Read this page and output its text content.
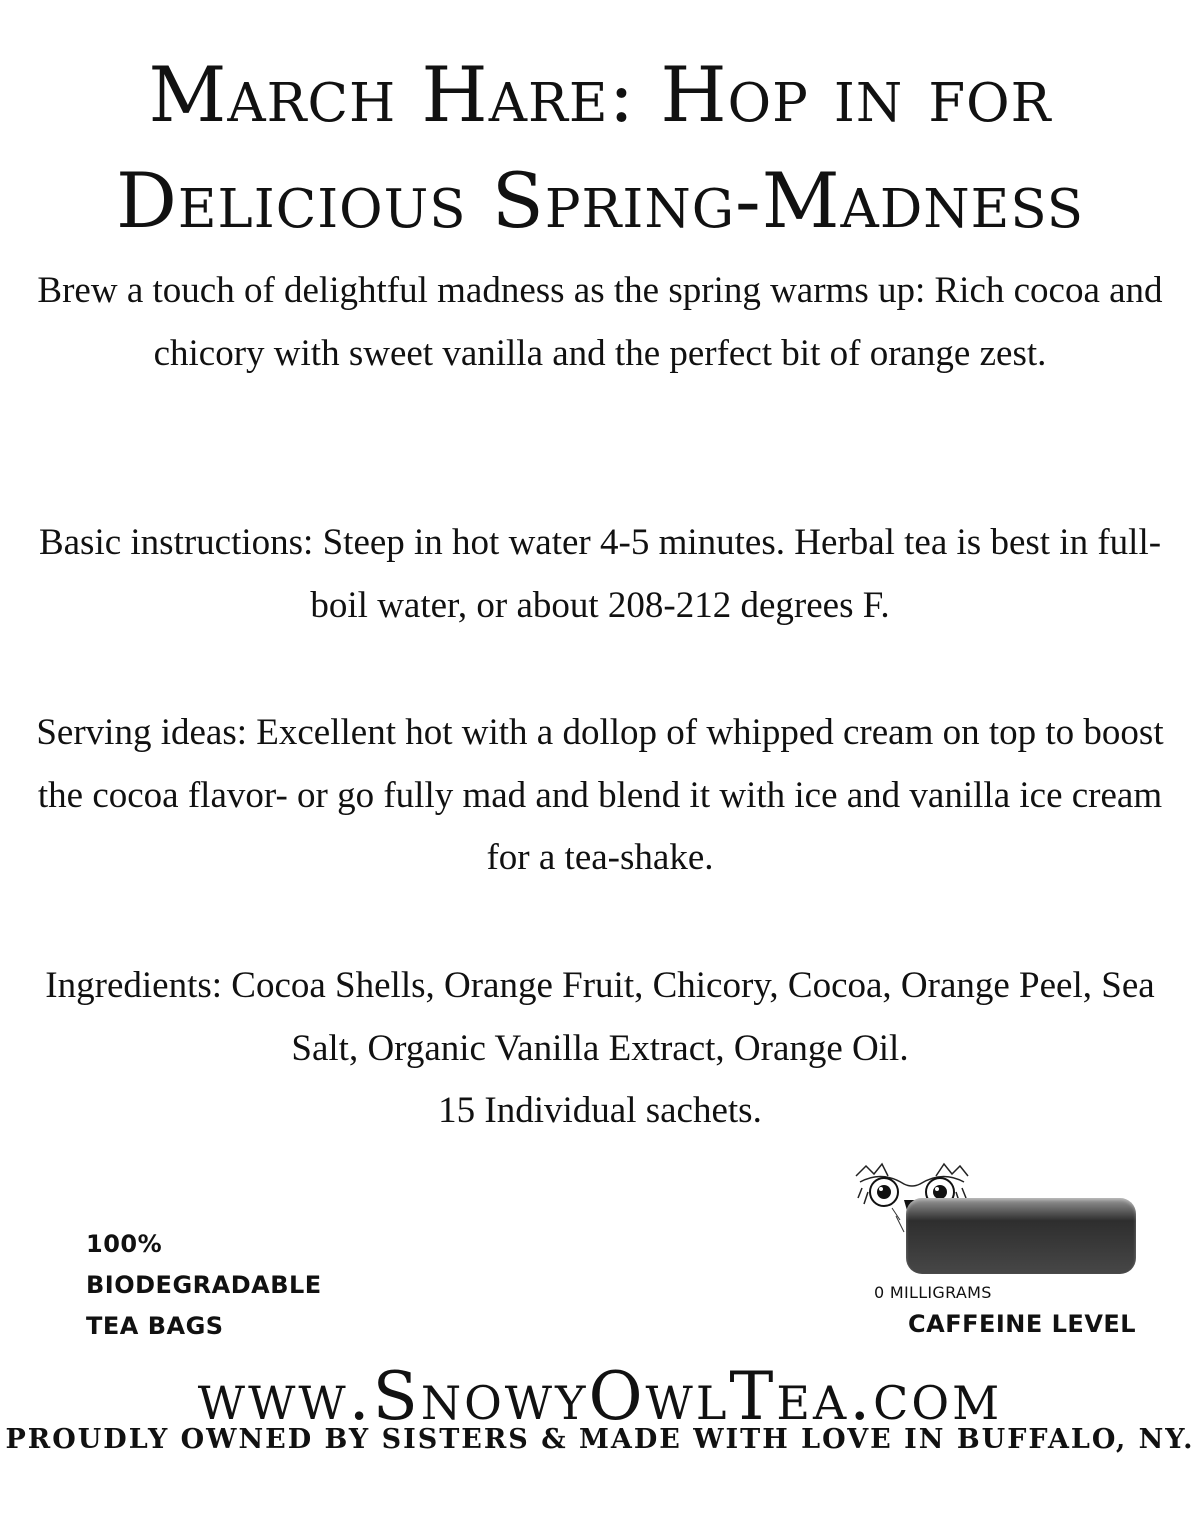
March Hare: Hop in for
Delicious Spring-Madness

Brew a touch of delightful madness as the spring warms up: Rich cocoa and chicory with sweet vanilla and the perfect bit of orange zest.

Basic instructions: Steep in hot water 4-5 minutes. Herbal tea is best in full-boil water, or about 208-212 degrees F.

Serving ideas: Excellent hot with a dollop of whipped cream on top to boost the cocoa flavor- or go fully mad and blend it with ice and vanilla ice cream for a tea-shake.

Ingredients: Cocoa Shells, Orange Fruit, Chicory, Cocoa, Orange Peel, Sea Salt, Organic Vanilla Extract, Orange Oil.
15 Individual sachets.
100%
BIODEGRADABLE
TEA BAGS
0 MILLIGRAMS
CAFFEINE LEVEL
www.SnowyOwlTea.com
PROUDLY OWNED BY SISTERS & MADE WITH LOVE IN BUFFALO, NY.
